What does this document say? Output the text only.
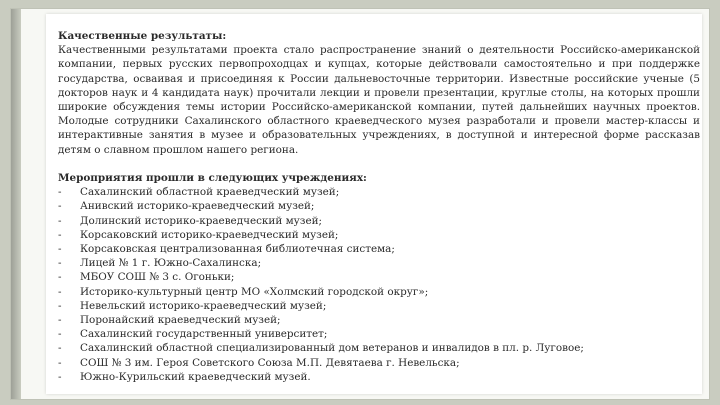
Качественные результаты:

Качественными результатами проекта стало распространение знаний о деятельности Российско-американской компании, первых русских первопроходцах и купцах, которые действовали самостоятельно и при поддержке государства, осваивая и присоединяя к России дальневосточные территории. Известные российские ученые (5 докторов наук и 4 кандидата наук) прочитали лекции и провели презентации, круглые столы, на которых прошли широкие обсуждения темы истории Российско-американской компании, путей дальнейших научных проектов. Молодые сотрудники Сахалинского областного краеведческого музея разработали и провели мастер-классы и интерактивные занятия в музее и образовательных учреждениях, в доступной и интересной форме рассказав детям о славном прошлом нашего региона.

Мероприятия прошли в следующих учреждениях:

-	Сахалинский областной краеведческий музей;
-	Анивский историко-краеведческий музей;
-	Долинский историко-краеведческий музей;
-	Корсаковский историко-краеведческий музей;
-	Корсаковская централизованная библиотечная система;
-	Лицей № 1 г. Южно-Сахалинска;
-	МБОУ СОШ № 3 с. Огоньки;
-	Историко-культурный центр МО «Холмский городской округ»;
-	Невельский историко-краеведческий музей;
-	Поронайский краеведческий музей;
-	Сахалинский государственный университет;
-	Сахалинский областной специализированный дом ветеранов и инвалидов в пл. р. Луговое;
-	СОШ № 3 им. Героя Советского Союза М.П. Девятаева г. Невельска;
-	Южно-Курильский краеведческий музей.
